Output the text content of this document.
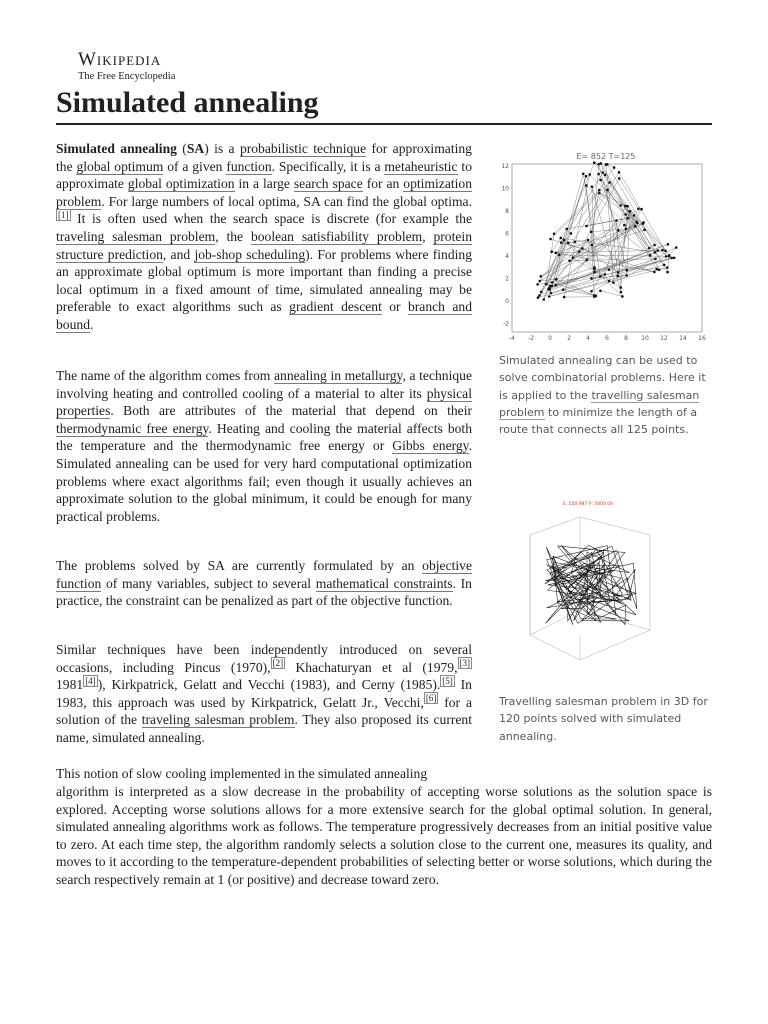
Wikipedia
The Free Encyclopedia
Simulated annealing

Simulated annealing (SA) is a probabilistic technique for approximating the global optimum of a given function. Specifically, it is a metaheuristic to approximate global optimization in a large search space for an optimization problem. For large numbers of local optima, SA can find the global optima.[1] It is often used when the search space is discrete (for example the traveling salesman problem, the boolean satisfiability problem, protein structure prediction, and job-shop scheduling). For problems where finding an approximate global optimum is more important than finding a precise local optimum in a fixed amount of time, simulated annealing may be preferable to exact algorithms such as gradient descent or branch and bound.

The name of the algorithm comes from annealing in metallurgy, a technique involving heating and controlled cooling of a material to alter its physical properties. Both are attributes of the material that depend on their thermodynamic free energy. Heating and cooling the material affects both the temperature and the thermodynamic free energy or Gibbs energy. Simulated annealing can be used for very hard computational optimization problems where exact algorithms fail; even though it usually achieves an approximate solution to the global minimum, it could be enough for many practical problems.

The problems solved by SA are currently formulated by an objective function of many variables, subject to several mathematical constraints. In practice, the constraint can be penalized as part of the objective function.

Similar techniques have been independently introduced on several occasions, including Pincus (1970), [2] Khachaturyan et al (1979, [3] 1981 [4] ), Kirkpatrick, Gelatt and Vecchi (1983), and Cerny (1985). [5] In 1983, this approach was used by Kirkpatrick, Gelatt Jr., Vecchi, [6] for a solution of the traveling salesman problem. They also proposed its current name, simulated annealing.

This notion of slow cooling implemented in the simulated annealing

algorithm is interpreted as a slow decrease in the probability of accepting worse solutions as the solution space is explored. Accepting worse solutions allows for a more extensive search for the global optimal solution. In general, simulated annealing algorithms work as follows. The temperature progressively decreases from an initial positive value to zero. At each time step, the algorithm randomly selects a solution close to the current one, measures its quality, and moves to it according to the temperature-dependent probabilities of selecting better or worse solutions, which during the search respectively remain at 1 (or positive) and decrease toward zero.

E= 852 T=125
12
10
8
6
4
2
0
-2
-4 -2 0	2	4	6	8 10 12 14 16
Simulated annealing can be used to solve combinatorial problems. Here it is applied to the travelling salesman problem to minimize the length of a route that connects all 125 points.
E: 550.987 P: 5000.00
Travelling salesman problem in 3D for 120 points solved with simulated annealing.
